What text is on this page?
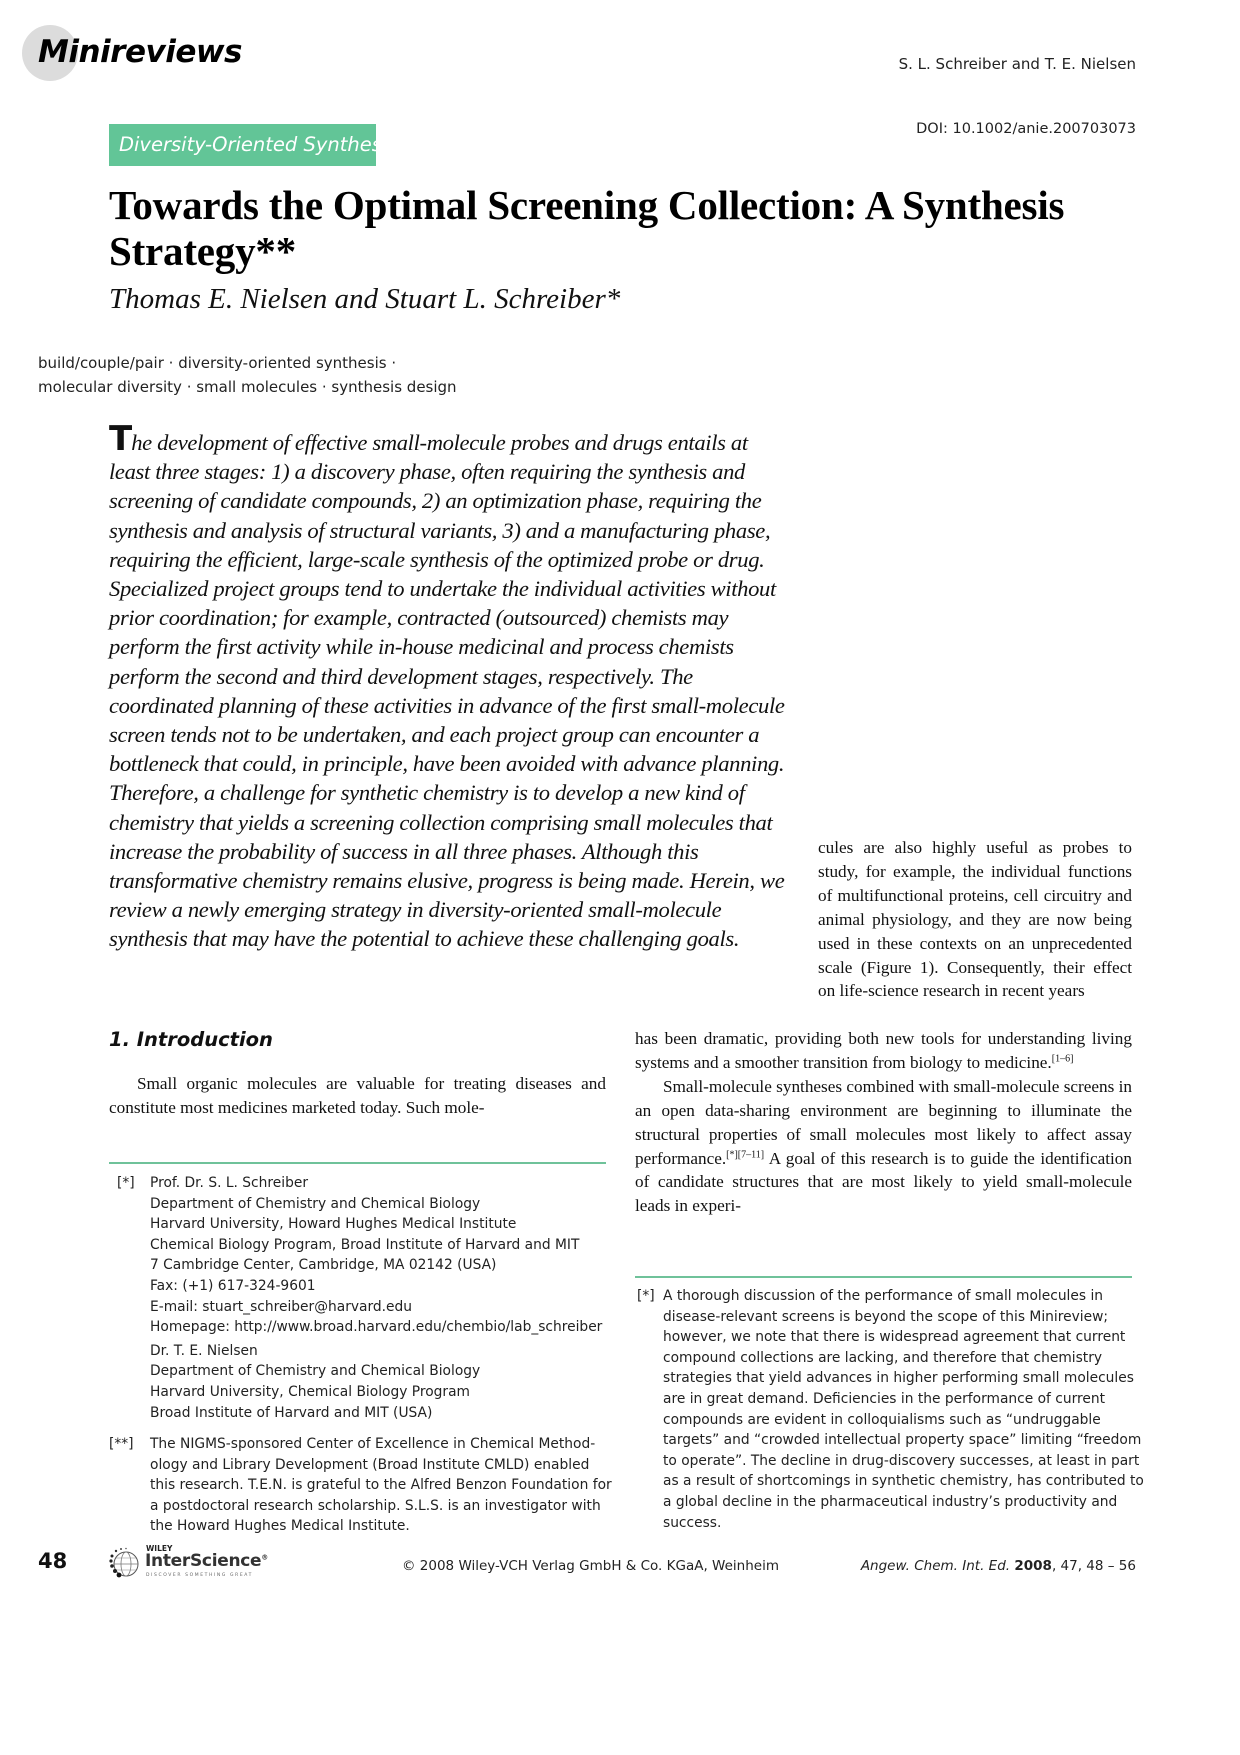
Minireviews	S. L. Schreiber and T. E. Nielsen
DOI: 10.1002/anie.200703073
Diversity-Oriented Synthesis
Towards the Optimal Screening Collection: A Synthesis Strategy**
Thomas E. Nielsen and Stuart L. Schreiber*
build/couple/pair · diversity-oriented synthesis ·
molecular diversity · small molecules · synthesis design
The development of effective small-molecule probes and drugs entails at least three stages: 1) a discovery phase, often requiring the synthesis and screening of candidate compounds, 2) an optimization phase, requiring the synthesis and analysis of structural variants, 3) and a manufacturing phase, requiring the efficient, large-scale synthesis of the optimized probe or drug. Specialized project groups tend to undertake the individual activities without prior coordination; for example, contracted (outsourced) chemists may perform the first activity while in-house medicinal and process chemists perform the second and third development stages, respectively. The coordinated planning of these activities in advance of the first small-molecule screen tends not to be undertaken, and each project group can encounter a bottleneck that could, in principle, have been avoided with advance planning. Therefore, a challenge for synthetic chemistry is to develop a new kind of chemistry that yields a screening collection comprising small molecules that increase the probability of success in all three phases. Although this transformative chemistry remains elusive, progress is being made. Herein, we review a newly emerging strategy in diversity-oriented small-molecule synthesis that may have the potential to achieve these challenging goals.

cules are also highly useful as probes to study, for example, the individual functions of multifunctional proteins, cell circuitry and animal physiology, and they are now being used in these contexts on an unprecedented scale (Figure 1). Consequently, their effect on life-science research in recent years

1. Introduction

Small organic molecules are valuable for treating diseases and constitute most medicines marketed today. Such mole-

has been dramatic, providing both new tools for understanding living systems and a smoother transition from biology to medicine.[1–6]

Small-molecule syntheses combined with small-molecule screens in an open data-sharing environment are beginning to illuminate the structural properties of small molecules most likely to affect assay performance.[*][7–11] A goal of this research is to guide the identification of candidate structures that are most likely to yield small-molecule leads in experi-

[*] Prof. Dr. S. L. Schreiber
Department of Chemistry and Chemical Biology
Harvard University, Howard Hughes Medical Institute
Chemical Biology Program, Broad Institute of Harvard and MIT
7 Cambridge Center, Cambridge, MA 02142 (USA)
Fax: (+1) 617-324-9601
E-mail: stuart_schreiber@harvard.edu
Homepage: http://www.broad.harvard.edu/chembio/lab_schreiber
Dr. T. E. Nielsen
Department of Chemistry and Chemical Biology
Harvard University, Chemical Biology Program
Broad Institute of Harvard and MIT (USA)
[**] The NIGMS-sponsored Center of Excellence in Chemical Method-
ology and Library Development (Broad Institute CMLD) enabled
this research. T.E.N. is grateful to the Alfred Benzon Foundation for
a postdoctoral research scholarship. S.L.S. is an investigator with
the Howard Hughes Medical Institute.
[*] A thorough discussion of the performance of small molecules in
disease-relevant screens is beyond the scope of this Minireview;
however, we note that there is widespread agreement that current
compound collections are lacking, and therefore that chemistry
strategies that yield advances in higher performing small molecules
are in great demand. Deficiencies in the performance of current
compounds are evident in colloquialisms such as “undruggable
targets” and “crowded intellectual property space” limiting “freedom
to operate”. The decline in drug-discovery successes, at least in part
as a result of shortcomings in synthetic chemistry, has contributed to
a global decline in the pharmaceutical industry’s productivity and
success.
48
WILEY
InterScience®
DISCOVER SOMETHING GREAT
© 2008 Wiley-VCH Verlag GmbH & Co. KGaA, Weinheim	Angew. Chem. Int. Ed. 2008, 47, 48 – 56
